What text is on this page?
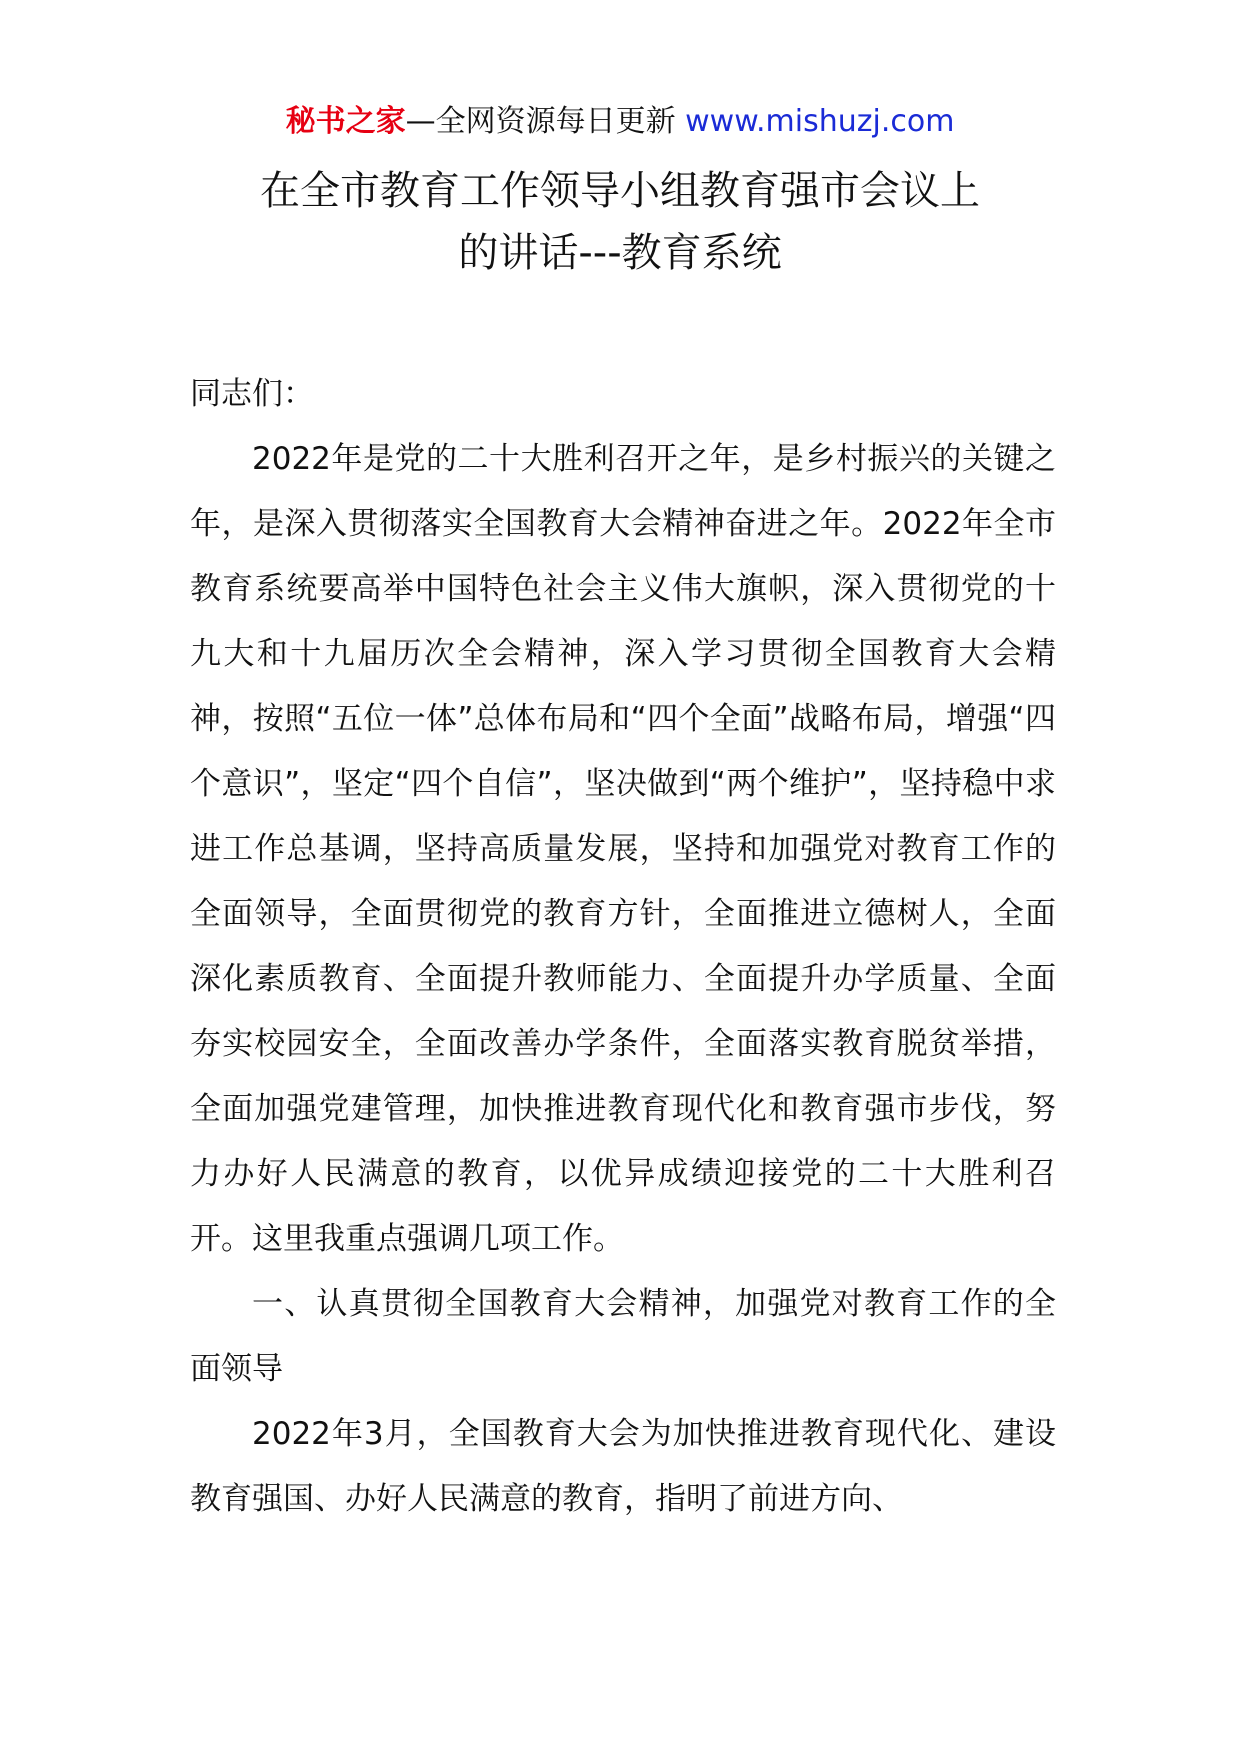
秘书之家—全网资源每日更新 www.mishuzj.com
在全市教育工作领导小组教育强市会议上
的讲话---教育系统

同志们：

2022年是党的二十大胜利召开之年，是乡村振兴的关键之年，是深入贯彻落实全国教育大会精神奋进之年。2022年全市教育系统要高举中国特色社会主义伟大旗帜，深入贯彻党的十九大和十九届历次全会精神，深入学习贯彻全国教育大会精神，按照“五位一体”总体布局和“四个全面”战略布局，增强“四个意识”，坚定“四个自信”，坚决做到“两个维护”，坚持稳中求进工作总基调，坚持高质量发展，坚持和加强党对教育工作的全面领导，全面贯彻党的教育方针，全面推进立德树人，全面深化素质教育、全面提升教师能力、全面提升办学质量、全面夯实校园安全，全面改善办学条件，全面落实教育脱贫举措，全面加强党建管理，加快推进教育现代化和教育强市步伐，努力办好人民满意的教育，以优异成绩迎接党的二十大胜利召开。这里我重点强调几项工作。

一、认真贯彻全国教育大会精神，加强党对教育工作的全面领导

2022年3月，全国教育大会为加快推进教育现代化、建设教育强国、办好人民满意的教育，指明了前进方向、
